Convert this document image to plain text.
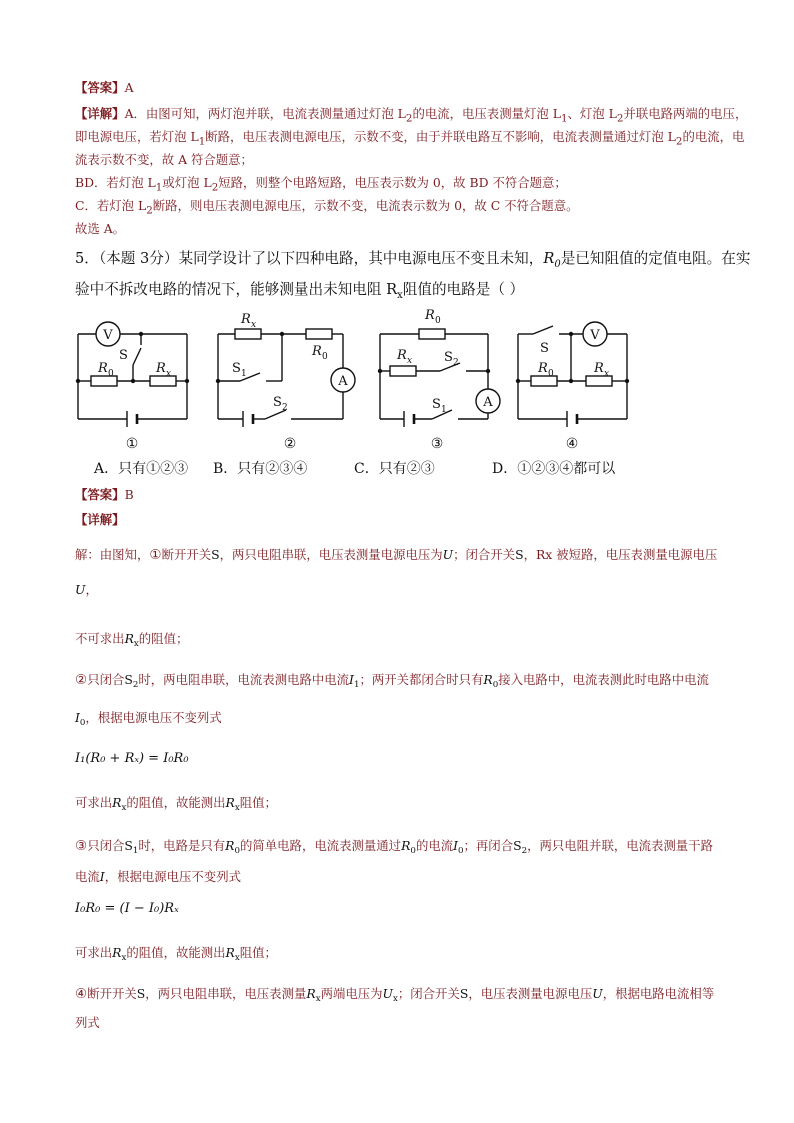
【答案】A
【详解】A．由图可知，两灯泡并联，电流表测量通过灯泡 $L_2$的电流，电压表测量灯泡 $L_1$、灯泡 $L_2$并联电路两端的电压，
即电源电压，若灯泡 $L_1$断路，电压表测电源电压，示数不变，由于并联电路互不影响，电流表测量通过灯泡 $L_2$的电流，电
流表示数不变，故 A 符合题意；
BD．若灯泡 $L_1$或灯泡 $L_2$短路，则整个电路短路，电压表示数为 0，故 BD 不符合题意；
C．若灯泡 $L_2$断路，则电压表测电源电压，示数不变，电流表示数为 0，故 C 不符合题意。
故选 A。
5．（本题 3分）某同学设计了以下四种电路，其中电源电压不变且未知，$R_0$是已知阻值的定值电阻。在实
验中不拆改电路的情况下，能够测量出未知电阻 $R_x$阻值的电路是（ ）
V
A
A
V
S
R 0	R x
R x
R 0
S 1
S 2
R 0
R x S 2
S 1
S
R 0	R x
①	②	③	④
A．只有①②③ B．只有②③④	C．只有②③	D．①②③④都可以
【答案】B
【详解】
解：由图知，①断开开关S，两只电阻串联，电压表测量电源电压为U；闭合开关S，Rx 被短路，电压表测量电源电压
U，
不可求出$R_x$的阻值；
②只闭合$S_2$时，两电阻串联，电流表测电路中电流$I_1$；两开关都闭合时只有$R_0$接入电路中，电流表测此时电路中电流
$I_0$，根据电源电压不变列式
I₁(R₀ + Rₓ) = I₀R₀
可求出$R_x$的阻值，故能测出$R_x$阻值；
③只闭合$S_1$时，电路是只有$R_0$的简单电路，电流表测量通过$R_0$的电流$I_0$；再闭合$S_2$，两只电阻并联，电流表测量干路
电流I，根据电源电压不变列式
I₀R₀ = (I − I₀)Rₓ
可求出$R_x$的阻值，故能测出$R_x$阻值；
④断开开关S，两只电阻串联，电压表测量$R_x$两端电压为$U_x$；闭合开关S，电压表测量电源电压U，根据电路电流相等
列式
